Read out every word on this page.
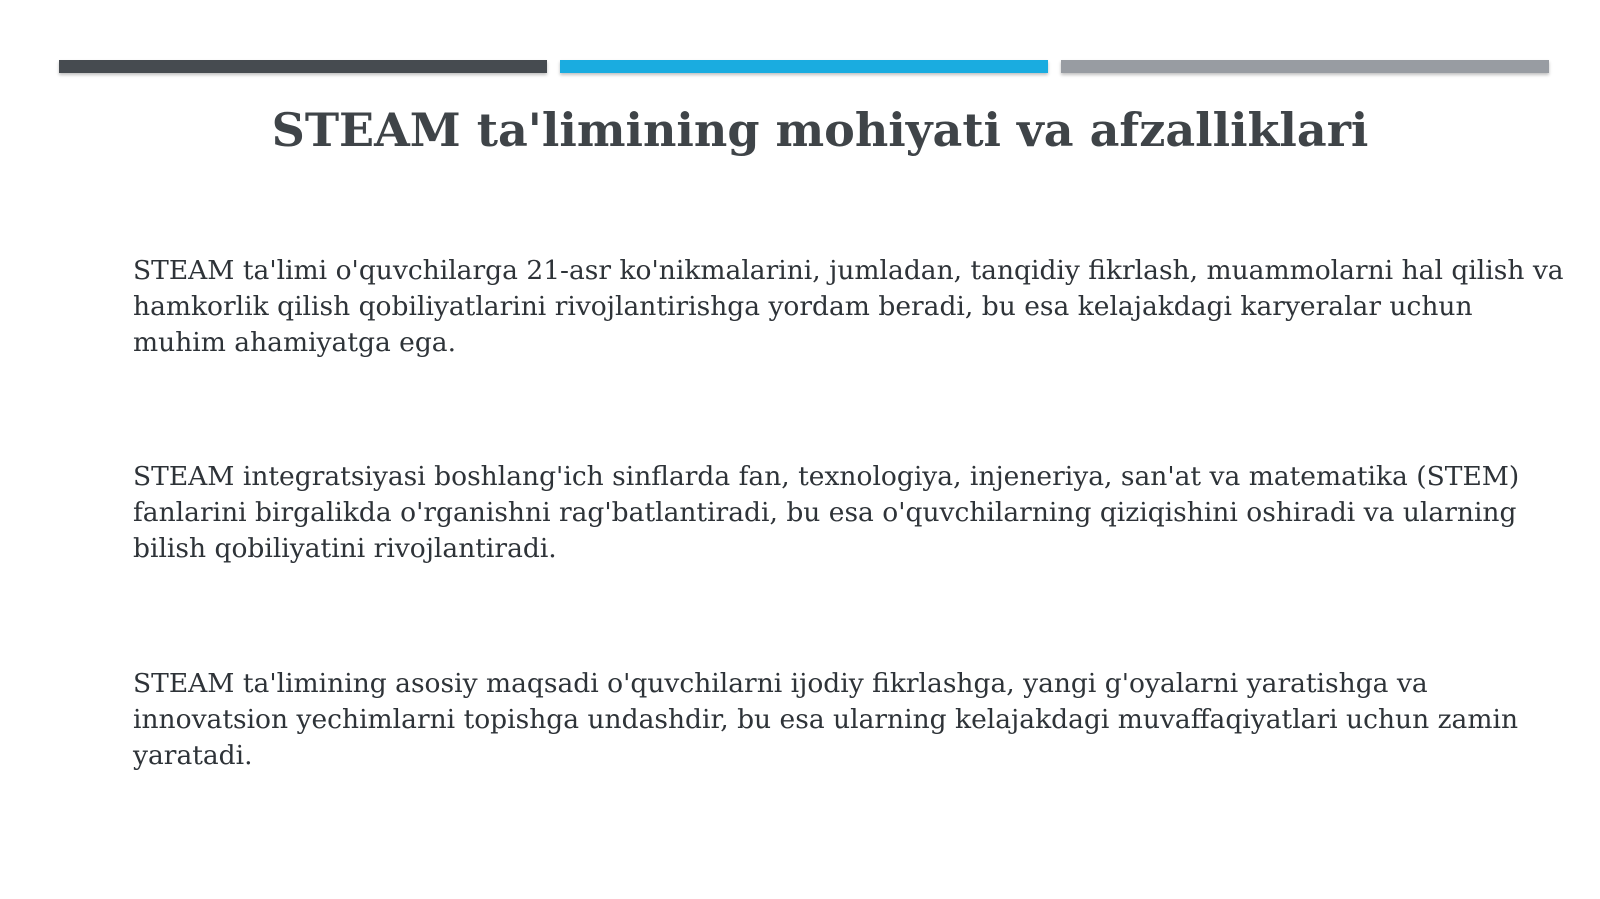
STEAM ta'limining mohiyati va afzalliklari

STEAM ta'limi o'quvchilarga 21-asr ko'nikmalarini, jumladan, tanqidiy fikrlash, muammolarni hal qilish va hamkorlik qilish qobiliyatlarini rivojlantirishga yordam beradi, bu esa kelajakdagi karyeralar uchun muhim ahamiyatga ega.

STEAM integratsiyasi boshlang'ich sinflarda fan, texnologiya, injeneriya, san'at va matematika (STEM) fanlarini birgalikda o'rganishni rag'batlantiradi, bu esa o'quvchilarning qiziqishini oshiradi va ularning bilish qobiliyatini rivojlantiradi.

STEAM ta'limining asosiy maqsadi o'quvchilarni ijodiy fikrlashga, yangi g'oyalarni yaratishga va innovatsion yechimlarni topishga undashdir, bu esa ularning kelajakdagi muvaffaqiyatlari uchun zamin yaratadi.
